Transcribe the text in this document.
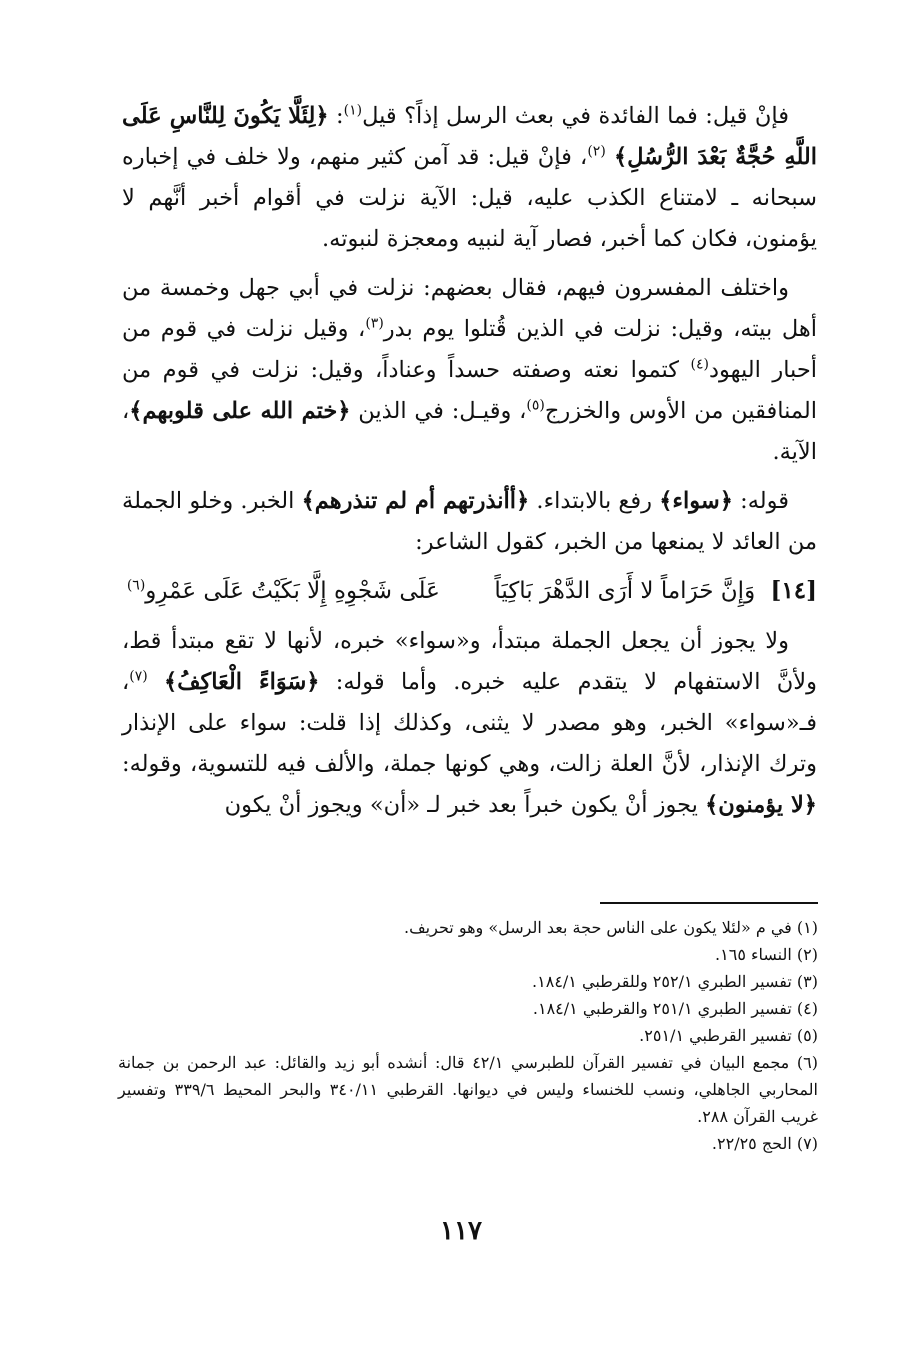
فإنْ قيل: فما الفائدة في بعث الرسل إذاً؟ قيل$^{(١)}$: ﴿لِئَلَّا يَكُونَ لِلنَّاسِ عَلَى اللَّهِ حُجَّةٌ بَعْدَ الرُّسُلِ﴾ $^{(٢)}$، فإنْ قيل: قد آمن كثير منهم، ولا خلف في إخباره سبحانه ـ لامتناع الكذب عليه، قيل: الآية نزلت في أقوام أخبر أنَّهم لا يؤمنون، فكان كما أخبر، فصار آية لنبيه ومعجزة لنبوته.

واختلف المفسرون فيهم، فقال بعضهم: نزلت في أبي جهل وخمسة من أهل بيته، وقيل: نزلت في الذين قُتلوا يوم بدر$^{(٣)}$، وقيل نزلت في قوم من أحبار اليهود$^{(٤)}$ كتموا نعته وصفته حسداً وعناداً، وقيل: نزلت في قوم من المنافقين من الأوس والخزرج$^{(٥)}$، وقيـل: في الذين ﴿ختم الله على قلوبهم﴾، الآية.

قوله: ﴿سواء﴾ رفع بالابتداء. ﴿أأنذرتهم أم لم تنذرهم﴾ الخبر. وخلو الجملة من العائد لا يمنعها من الخبر، كقول الشاعر:

[١٤] وَإِنَّ حَرَاماً لا أَرَى الدَّهْرَ بَاكِيَاً عَلَى شَجْوِهِ إِلَّا بَكَيْتُ عَلَى عَمْرِو$^{(٦)}$

ولا يجوز أن يجعل الجملة مبتدأ، و«سواء» خبره، لأنها لا تقع مبتدأ قط، ولأنَّ الاستفهام لا يتقدم عليه خبره. وأما قوله: ﴿سَوَاءً الْعَاكِفُ﴾ $^{(٧)}$، فـ«سواء» الخبر، وهو مصدر لا يثنى، وكذلك إذا قلت: سواء على الإنذار وترك الإنذار، لأنَّ العلة زالت، وهي كونها جملة، والألف فيه للتسوية، وقوله: ﴿لا يؤمنون﴾ يجوز أنْ يكون خبراً بعد خبر لـ «أن» ويجوز أنْ يكون

(١) في م «لئلا يكون على الناس حجة بعد الرسل» وهو تحريف.

(٢) النساء ١٦٥.

(٣) تفسير الطبري ٢٥٢/١ وللقرطبي ١٨٤/١.

(٤) تفسير الطبري ٢٥١/١ والقرطبي ١٨٤/١.

(٥) تفسير القرطبي ٢٥١/١.

(٦) مجمع البيان في تفسير القرآن للطبرسي ٤٢/١ قال: أنشده أبو زيد والقائل: عبد الرحمن بن جمانة المحاربي الجاهلي، ونسب للخنساء وليس في ديوانها. القرطبي ٣٤٠/١١ والبحر المحيط ٣٣٩/٦ وتفسير غريب القرآن ٢٨٨.

(٧) الحج ٢٢/٢٥.

١١٧
